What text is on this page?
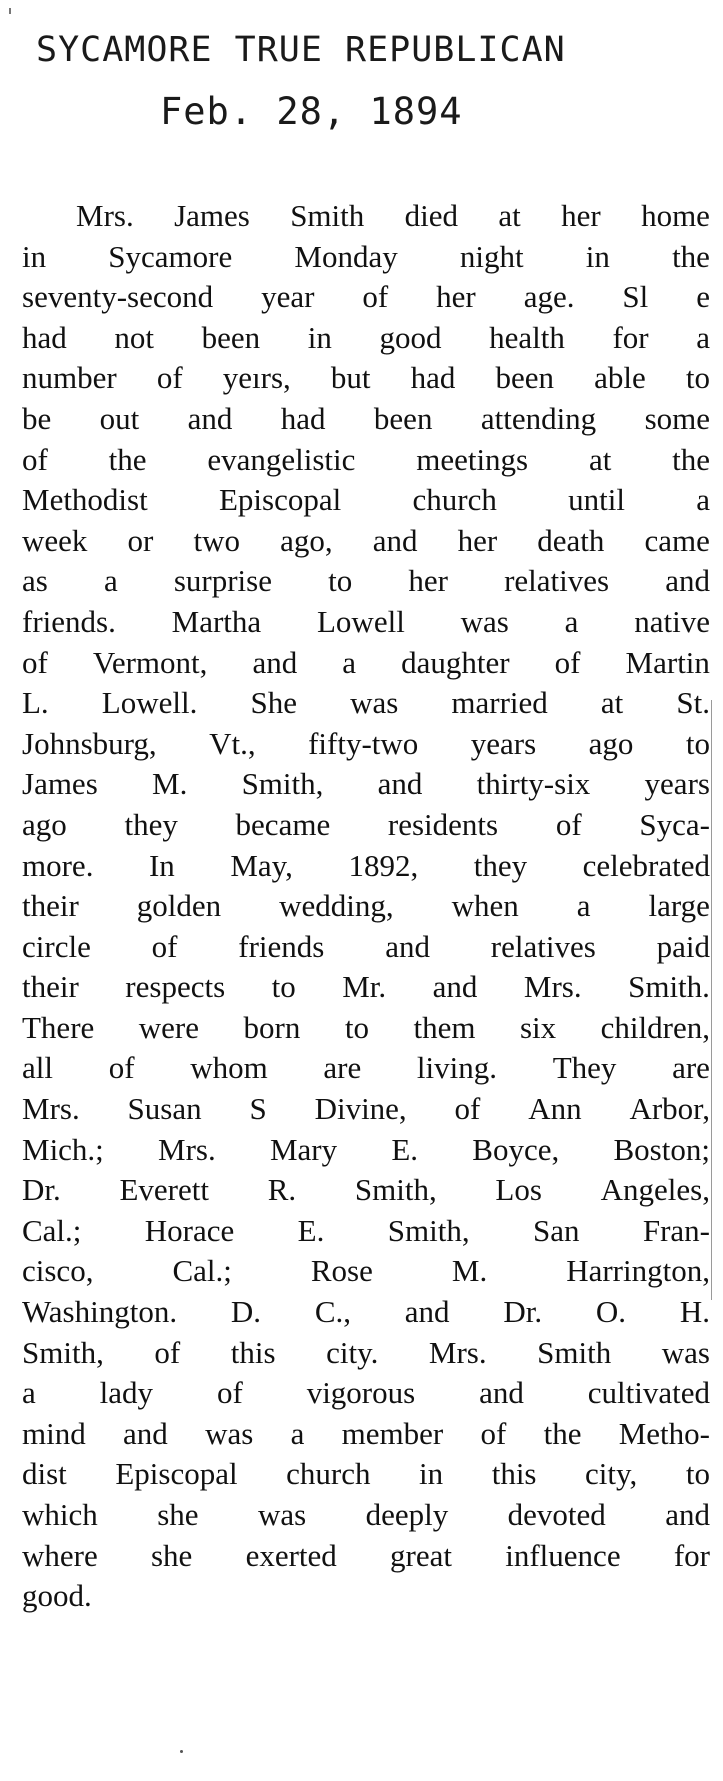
SYCAMORE TRUE REPUBLICAN
Feb. 28, 1894
Mrs. James Smith died at her home
in Sycamore Monday night in the
seventy-second year of her age. Sl e
had not been in good health for a
number of yeırs, but had been able to
be out and had been attending some
of the evangelistic meetings at the
Methodist Episcopal church until a
week or two ago, and her death came
as a surprise to her relatives and
friends. Martha Lowell was a native
of Vermont, and a daughter of Martin
L. Lowell. She was married at St.
Johnsburg, Vt., fifty-two years ago to
James M. Smith, and thirty-six years
ago they became residents of Syca-
more. In May, 1892, they celebrated
their golden wedding, when a large
circle of friends and relatives paid
their respects to Mr. and Mrs. Smith.
There were born to them six children,
all of whom are living. They are
Mrs. Susan S Divine, of Ann Arbor,
Mich.; Mrs. Mary E. Boyce, Boston;
Dr. Everett R. Smith, Los Angeles,
Cal.; Horace E. Smith, San Fran-
cisco,	Cal.;	Rose	M.	Harrington,
Washington. D. C., and Dr. O. H.
Smith, of this city. Mrs. Smith was
a lady of vigorous and cultivated
mind and was a member of the Metho-
dist Episcopal church in this city, to
which she was deeply devoted and
where she exerted great influence for
good.
